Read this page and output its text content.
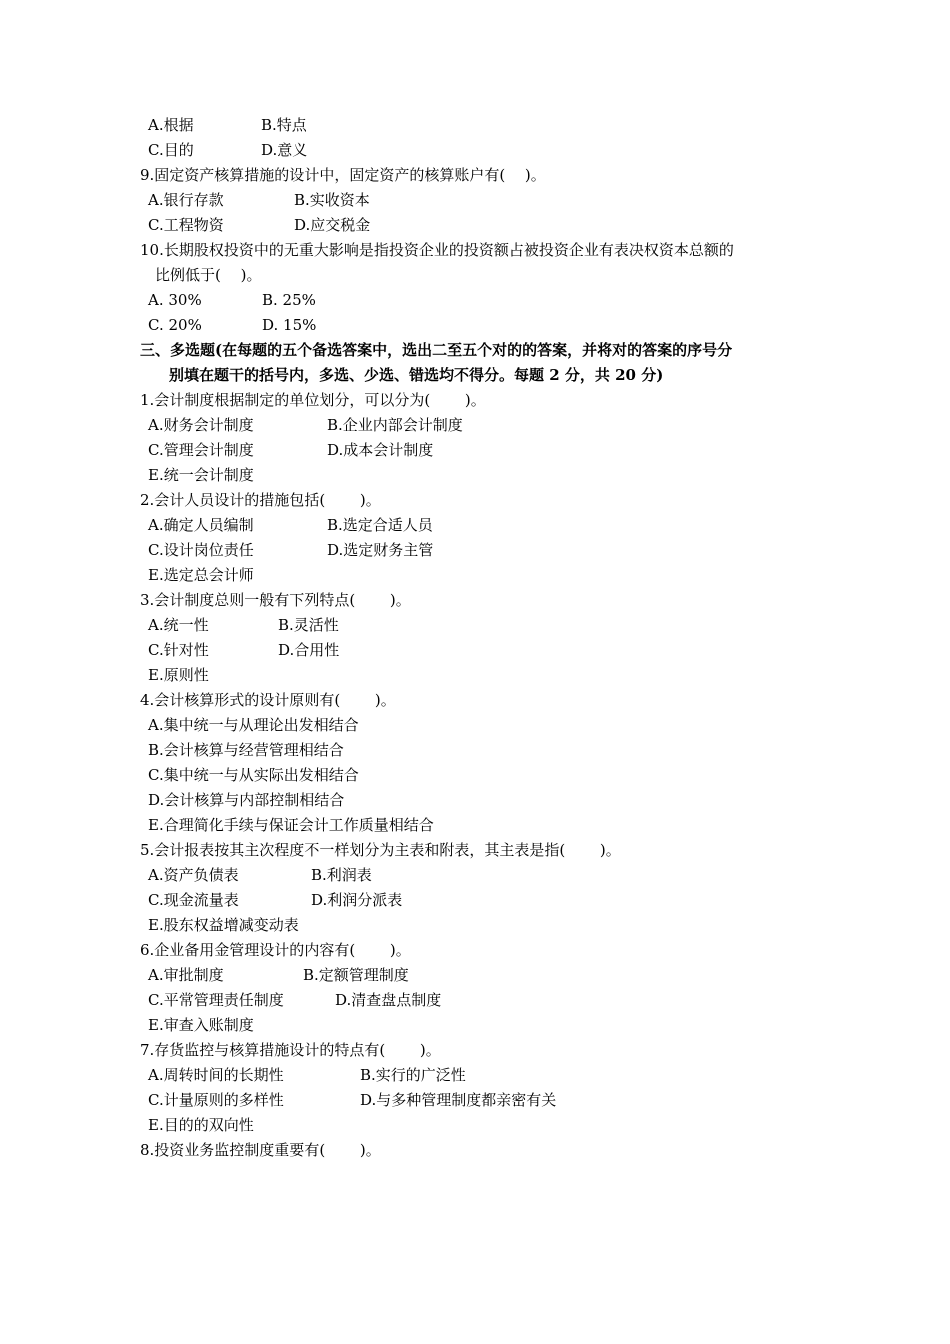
A.根据	B.特点
C.目的	D.意义
9.固定资产核算措施的设计中，固定资产的核算账户有(　 )。
A.银行存款	B.实收资本
C.工程物资	D.应交税金
10.长期股权投资中的无重大影响是指投资企业的投资额占被投资企业有表决权资本总额的
比例低于(　 )。
A. 30%	B. 25%
C. 20%	D. 15%
三、多选题(在每题的五个备选答案中，选出二至五个对的的答案，并将对的答案的序号分
别填在题干的括号内，多选、少选、错选均不得分。每题 2 分，共 20 分)
1.会计制度根据制定的单位划分，可以分为(　　 )。
A.财务会计制度	B.企业内部会计制度
C.管理会计制度	D.成本会计制度
E.统一会计制度
2.会计人员设计的措施包括(　　 )。
A.确定人员编制	B.选定合适人员
C.设计岗位责任	D.选定财务主管
E.选定总会计师
3.会计制度总则一般有下列特点(　　 )。
A.统一性	B.灵活性
C.针对性	D.合用性
E.原则性
4.会计核算形式的设计原则有(　　 )。
A.集中统一与从理论出发相结合
B.会计核算与经营管理相结合
C.集中统一与从实际出发相结合
D.会计核算与内部控制相结合
E.合理简化手续与保证会计工作质量相结合
5.会计报表按其主次程度不一样划分为主表和附表，其主表是指(　　 )。
A.资产负债表	B.利润表
C.现金流量表	D.利润分派表
E.股东权益增减变动表
6.企业备用金管理设计的内容有(　　 )。
A.审批制度	B.定额管理制度
C.平常管理责任制度	D.清查盘点制度
E.审查入账制度
7.存货监控与核算措施设计的特点有(　　 )。
A.周转时间的长期性	B.实行的广泛性
C.计量原则的多样性	D.与多种管理制度都亲密有关
E.目的的双向性
8.投资业务监控制度重要有(　　 )。
